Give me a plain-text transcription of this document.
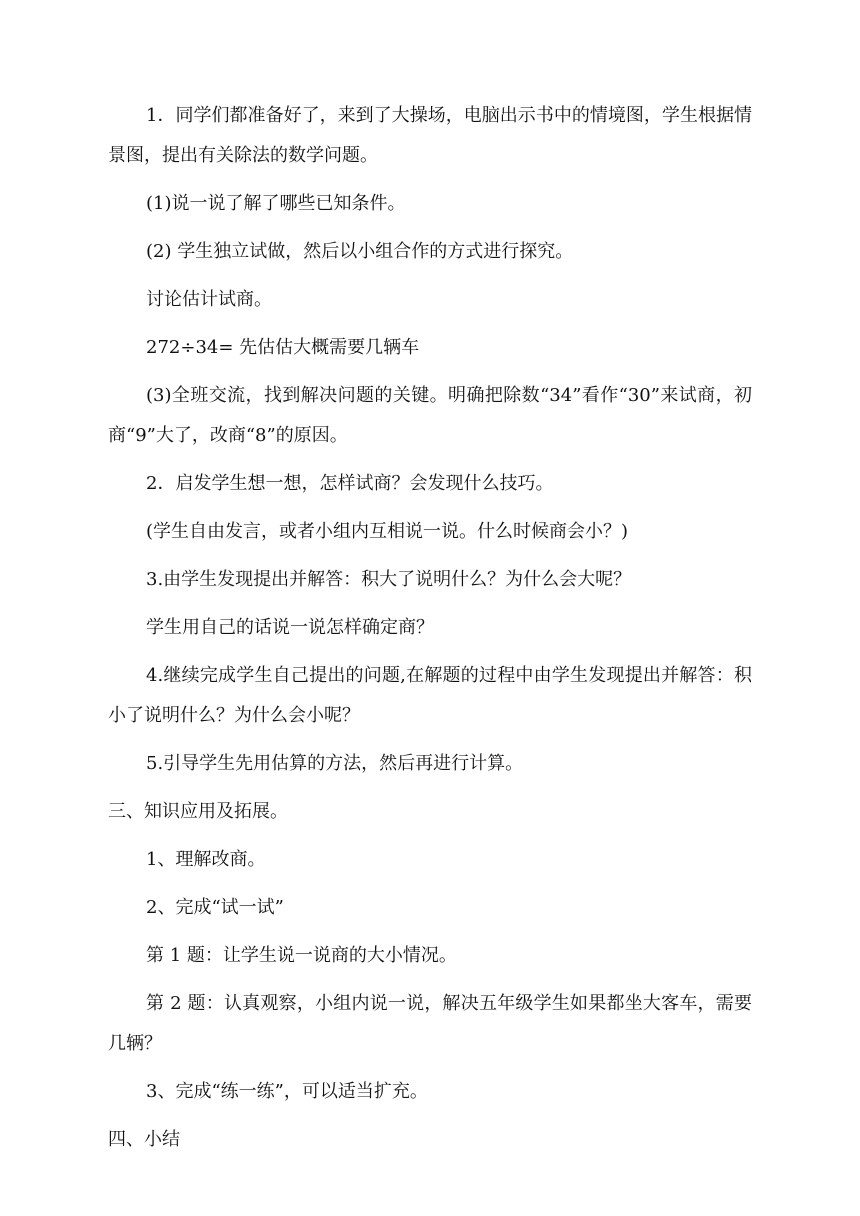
1．同学们都准备好了，来到了大操场，电脑出示书中的情境图，学生根据情景图，提出有关除法的数学问题。

(1)说一说了解了哪些已知条件。

(2) 学生独立试做，然后以小组合作的方式进行探究。

讨论估计试商。

272÷34= 先估估大概需要几辆车

(3)全班交流，找到解决问题的关键。明确把除数“34”看作“30”来试商，初商“9”大了，改商“8”的原因。

2．启发学生想一想，怎样试商？会发现什么技巧。

(学生自由发言，或者小组内互相说一说。什么时候商会小？)

3.由学生发现提出并解答：积大了说明什么？为什么会大呢？

学生用自己的话说一说怎样确定商？

4.继续完成学生自己提出的问题,在解题的过程中由学生发现提出并解答：积小了说明什么？为什么会小呢？

5.引导学生先用估算的方法，然后再进行计算。

三、知识应用及拓展。

1、理解改商。

2、完成“试一试”

第 1 题：让学生说一说商的大小情况。

第 2 题：认真观察，小组内说一说，解决五年级学生如果都坐大客车，需要几辆？

3、完成“练一练”，可以适当扩充。

四、小结
